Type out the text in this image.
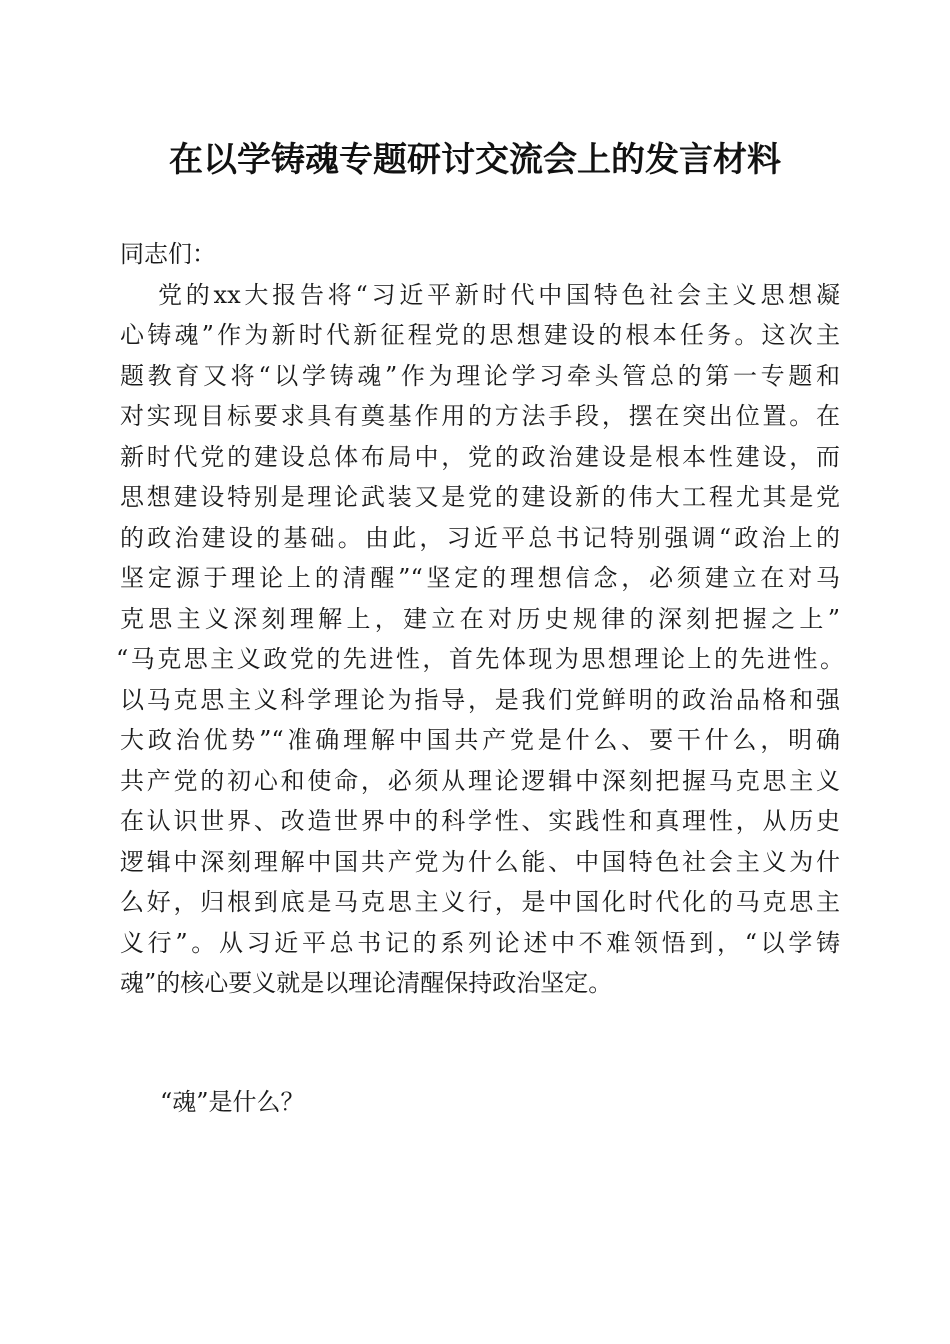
在以学铸魂专题研讨交流会上的发言材料
同志们：
党的xx大报告将“习近平新时代中国特色社会主义思想凝
心铸魂”作为新时代新征程党的思想建设的根本任务。这次主
题教育又将“以学铸魂”作为理论学习牵头管总的第一专题和
对实现目标要求具有奠基作用的方法手段，摆在突出位置。在
新时代党的建设总体布局中，党的政治建设是根本性建设，而
思想建设特别是理论武装又是党的建设新的伟大工程尤其是党
的政治建设的基础。由此，习近平总书记特别强调“政治上的
坚定源于理论上的清醒”“坚定的理想信念，必须建立在对马
克思主义深刻理解上，建立在对历史规律的深刻把握之上”
“马克思主义政党的先进性，首先体现为思想理论上的先进性。
以马克思主义科学理论为指导，是我们党鲜明的政治品格和强
大政治优势”“准确理解中国共产党是什么、要干什么，明确
共产党的初心和使命，必须从理论逻辑中深刻把握马克思主义
在认识世界、改造世界中的科学性、实践性和真理性，从历史
逻辑中深刻理解中国共产党为什么能、中国特色社会主义为什
么好，归根到底是马克思主义行，是中国化时代化的马克思主
义行”。从习近平总书记的系列论述中不难领悟到，“以学铸
魂”的核心要义就是以理论清醒保持政治坚定。
“魂”是什么？
